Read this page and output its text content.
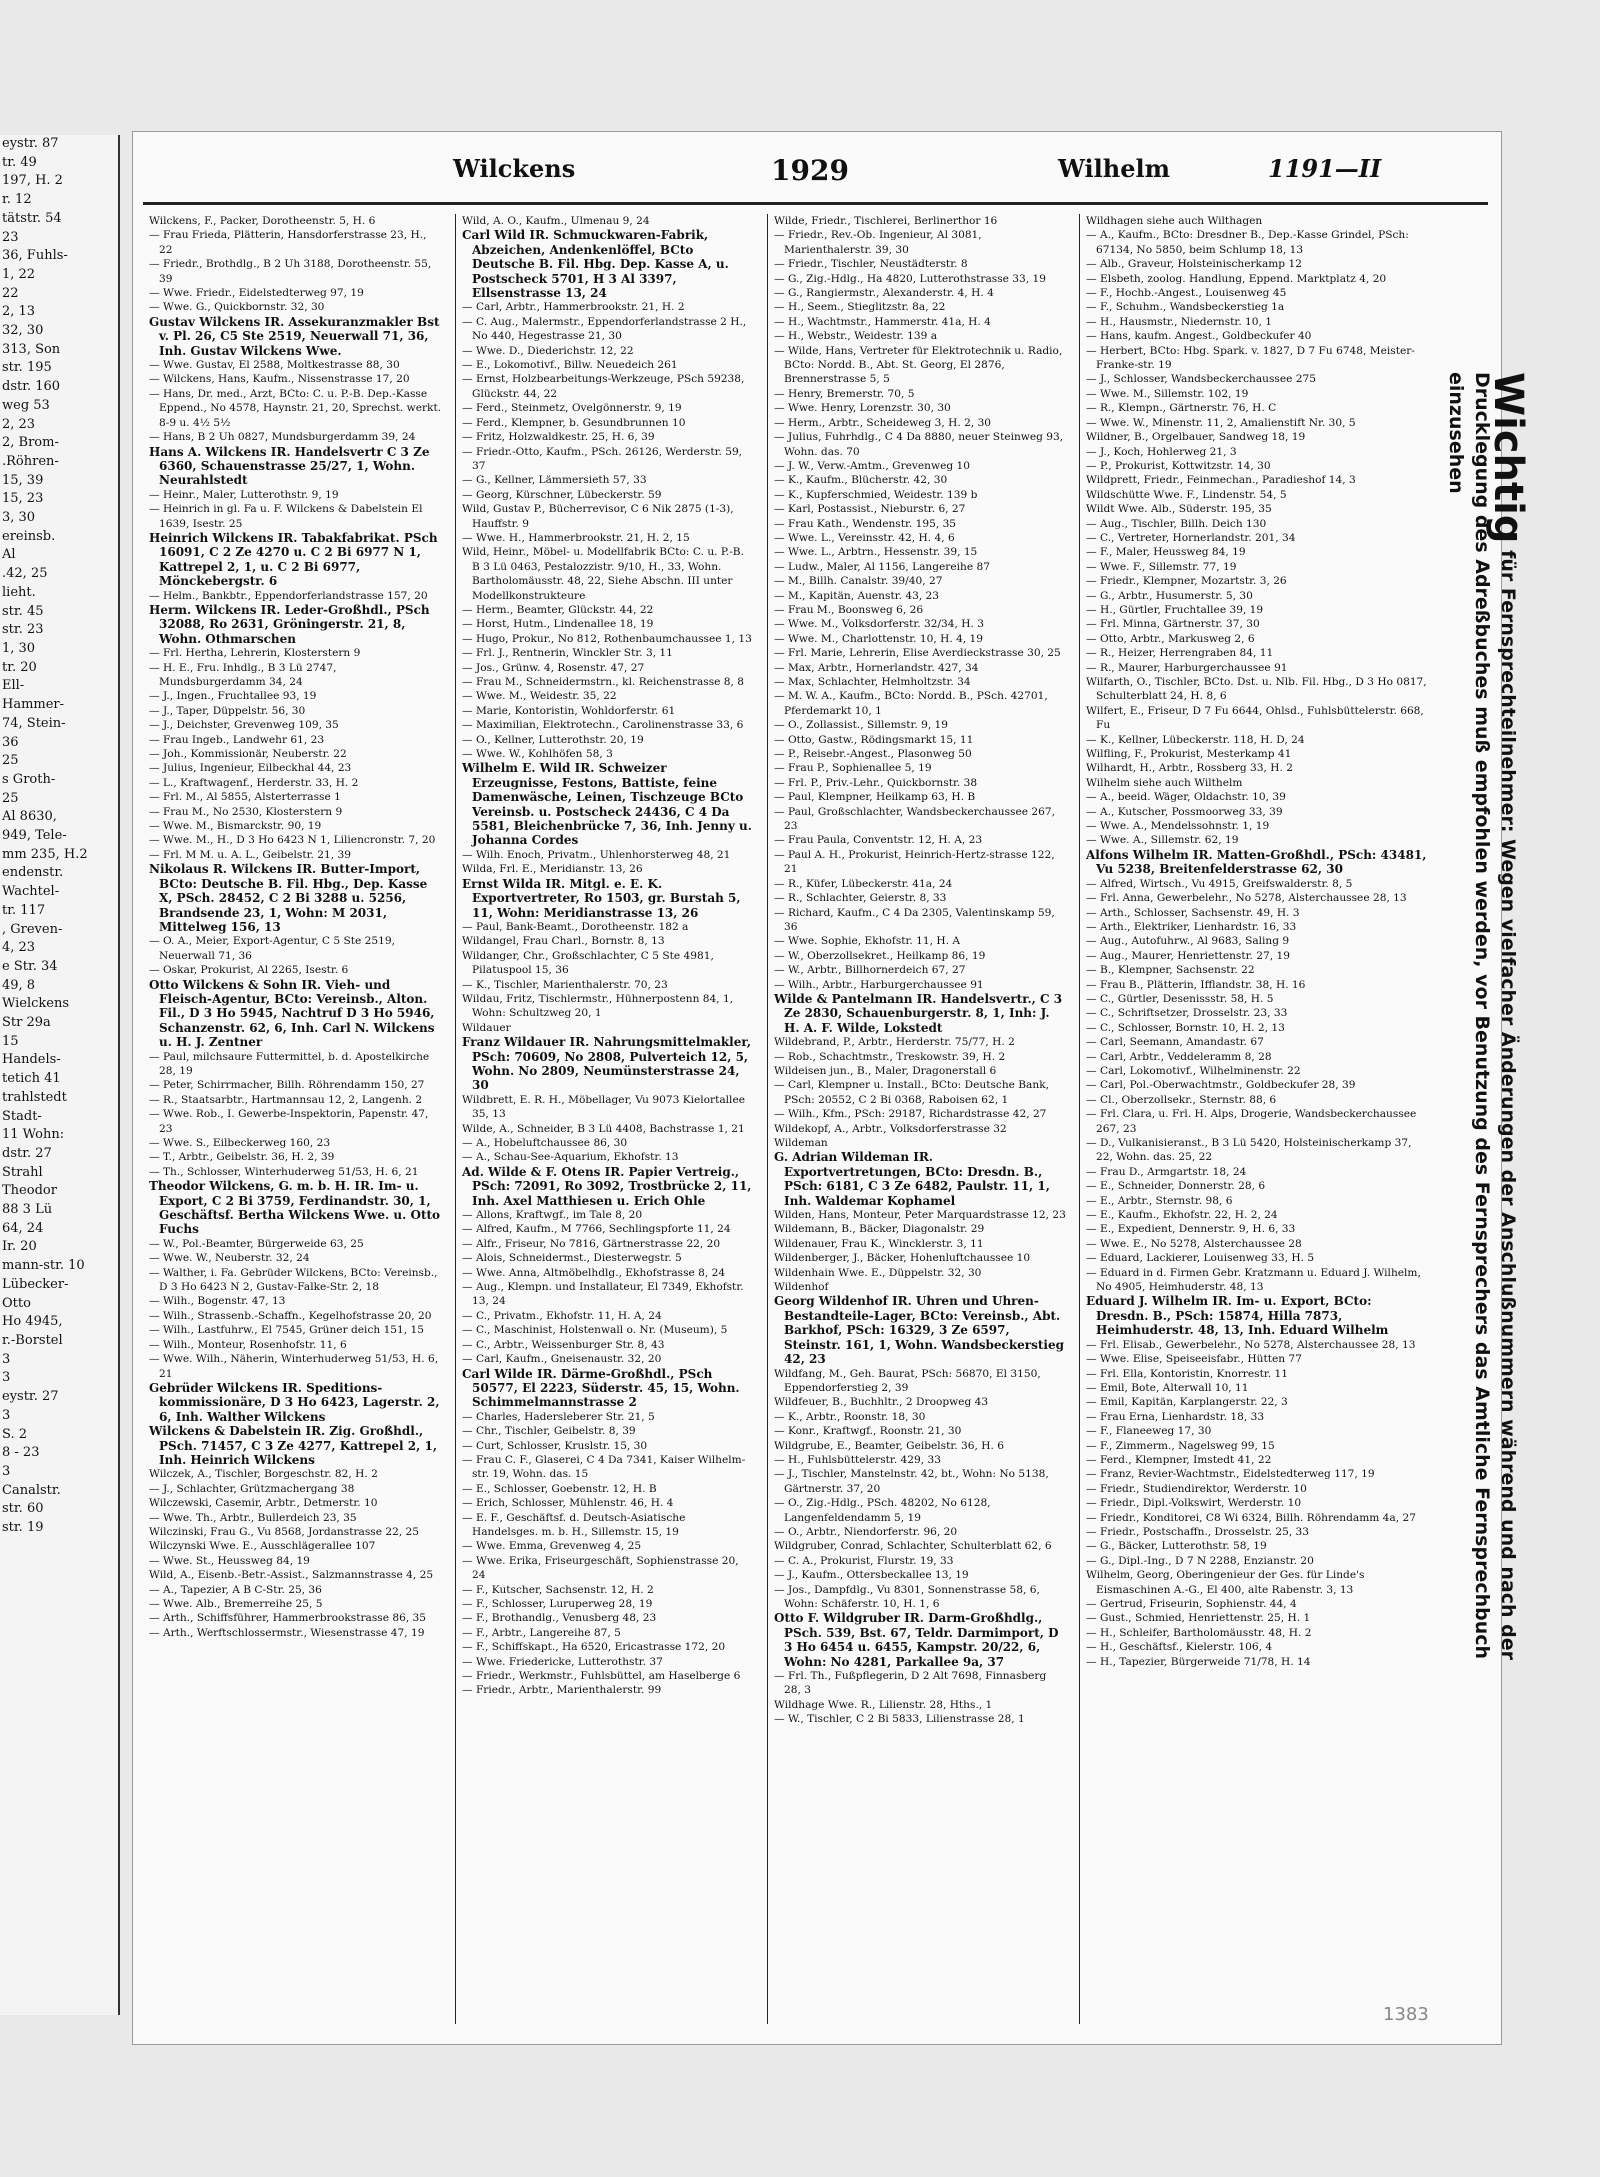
eystr. 87
tr. 49
197, H. 2
r. 12
tätstr. 54
23
36, Fuhls-
1, 22
22
2, 13
32, 30
313, Son
str. 195
dstr. 160
weg 53
2, 23
2, Brom-
.Röhren-
15, 39
15, 23
3, 30
ereinsb.
Al
.42, 25
lieht.
str. 45
str. 23
1, 30
tr. 20
Ell-
Hammer-
74, Stein-
36
25
s Groth-
25
Al 8630,
949, Tele-
mm 235, H.2
endenstr.
Wachtel-
tr. 117
, Greven-
4, 23
e Str. 34
49, 8
Wielckens
Str 29a
15
Handels-
tetich 41
trahlstedt
Stadt-
11 Wohn:
dstr. 27
Strahl
Theodor
88 3 Lü
64, 24
Ir. 20
mann-str. 10
Lübecker-
Otto
Ho 4945,
r.-Borstel
3
3
eystr. 27
3
S. 2
8 - 23
3
Canalstr.
str. 60
str. 19
Wilckens	1929	Wilhelm	1191—II
Wilckens, F., Packer, Dorotheenstr. 5, H. 6
— Frau Frieda, Plätterin, Hansdorferstrasse 23, H., 22
— Friedr., Brothdlg., B 2 Uh 3188, Dorotheenstr. 55, 39
— Wwe. Friedr., Eidelstedterweg 97, 19
— Wwe. G., Quickbornstr. 32, 30
Gustav Wilckens IR. Assekuranzmakler Bst v. Pl. 26, C5 Ste 2519, Neuerwall 71, 36, Inh. Gustav Wilckens Wwe.
— Wwe. Gustav, El 2588, Moltkestrasse 88, 30
— Wilckens, Hans, Kaufm., Nissenstrasse 17, 20
— Hans, Dr. med., Arzt, BCto: C. u. P.-B. Dep.-Kasse Eppend., No 4578, Haynstr. 21, 20, Sprechst. werkt. 8-9 u. 4½ 5½
— Hans, B 2 Uh 0827, Mundsburgerdamm 39, 24
Hans A. Wilckens IR. Handelsvertr C 3 Ze 6360, Schauenstrasse 25/27, 1, Wohn. Neurahlstedt
— Heinr., Maler, Lutterothstr. 9, 19
— Heinrich in gl. Fa u. F. Wilckens & Dabelstein El 1639, Isestr. 25
Heinrich Wilckens IR. Tabakfabrikat. PSch 16091, C 2 Ze 4270 u. C 2 Bi 6977 N 1, Kattrepel 2, 1, u. C 2 Bi 6977, Mönckebergstr. 6
— Helm., Bankbtr., Eppendorferlandstrasse 157, 20
Herm. Wilckens IR. Leder-Großhdl., PSch 32088, Ro 2631, Gröningerstr. 21, 8, Wohn. Othmarschen
— Frl. Hertha, Lehrerin, Klosterstern 9
— H. E., Fru. Inhdlg., B 3 Lü 2747, Mundsburgerdamm 34, 24
— J., Ingen., Fruchtallee 93, 19
— J., Taper, Düppelstr. 56, 30
— J., Deichster, Grevenweg 109, 35
— Frau Ingeb., Landwehr 61, 23
— Joh., Kommissionär, Neuberstr. 22
— Julius, Ingenieur, Eilbeckhal 44, 23
— L., Kraftwagenf., Herderstr. 33, H. 2
— Frl. M., Al 5855, Alsterterrasse 1
— Frau M., No 2530, Klosterstern 9
— Wwe. M., Bismarckstr. 90, 19
— Wwe. M., H., D 3 Ho 6423 N 1, Liliencronstr. 7, 20
— Frl. M M. u. A. L., Geibelstr. 21, 39
Nikolaus R. Wilckens IR. Butter-Import, BCto: Deutsche B. Fil. Hbg., Dep. Kasse X, PSch. 28452, C 2 Bi 3288 u. 5256, Brandsende 23, 1, Wohn: M 2031, Mittelweg 156, 13
— O. A., Meier, Export-Agentur, C 5 Ste 2519, Neuerwall 71, 36
— Oskar, Prokurist, Al 2265, Isestr. 6
Otto Wilckens & Sohn IR. Vieh- und Fleisch-Agentur, BCto: Vereinsb., Alton. Fil., D 3 Ho 5945, Nachtruf D 3 Ho 5946, Schanzenstr. 62, 6, Inh. Carl N. Wilckens u. H. J. Zentner
— Paul, milchsaure Futtermittel, b. d. Apostelkirche 28, 19
— Peter, Schirrmacher, Billh. Röhrendamm 150, 27
— R., Staatsarbtr., Hartmannsau 12, 2, Langenh. 2
— Wwe. Rob., I. Gewerbe-Inspektorin, Papenstr. 47, 23
— Wwe. S., Eilbeckerweg 160, 23
— T., Arbtr., Geibelstr. 36, H. 2, 39
— Th., Schlosser, Winterhuderweg 51/53, H. 6, 21
Theodor Wilckens, G. m. b. H. IR. Im- u. Export, C 2 Bi 3759, Ferdinandstr. 30, 1, Geschäftsf. Bertha Wilckens Wwe. u. Otto Fuchs
— W., Pol.-Beamter, Bürgerweide 63, 25
— Wwe. W., Neuberstr. 32, 24
— Walther, i. Fa. Gebrüder Wilckens, BCto: Vereinsb., D 3 Ho 6423 N 2, Gustav-Falke-Str. 2, 18
— Wilh., Bogenstr. 47, 13
— Wilh., Strassenb.-Schaffn., Kegelhofstrasse 20, 20
— Wilh., Lastfuhrw., El 7545, Grüner deich 151, 15
— Wilh., Monteur, Rosenhofstr. 11, 6
— Wwe. Wilh., Näherin, Winterhuderweg 51/53, H. 6, 21
Gebrüder Wilckens IR. Speditions-kommissionäre, D 3 Ho 6423, Lagerstr. 2, 6, Inh. Walther Wilckens
Wilckens & Dabelstein IR. Zig. Großhdl., PSch. 71457, C 3 Ze 4277, Kattrepel 2, 1, Inh. Heinrich Wilckens
Wilczek, A., Tischler, Borgeschstr. 82, H. 2
— J., Schlachter, Grützmachergang 38
Wilczewski, Casemir, Arbtr., Detmerstr. 10
— Wwe. Th., Arbtr., Bullerdeich 23, 35
Wilczinski, Frau G., Vu 8568, Jordanstrasse 22, 25
Wilczynski Wwe. E., Ausschlägerallee 107
— Wwe. St., Heussweg 84, 19
Wild, A., Eisenb.-Betr.-Assist., Salzmannstrasse 4, 25
— A., Tapezier, A B C-Str. 25, 36
— Wwe. Alb., Bremerreihe 25, 5
— Arth., Schiffsführer, Hammerbrookstrasse 86, 35
— Arth., Werftschlossermstr., Wiesenstrasse 47, 19
Wild, A. O., Kaufm., Ulmenau 9, 24
Carl Wild IR. Schmuckwaren-Fabrik, Abzeichen, Andenkenlöffel, BCto Deutsche B. Fil. Hbg. Dep. Kasse A, u. Postscheck 5701, H 3 Al 3397, Ellsenstrasse 13, 24
— Carl, Arbtr., Hammerbrookstr. 21, H. 2
— C. Aug., Malermstr., Eppendorferlandstrasse 2 H., No 440, Hegestrasse 21, 30
— Wwe. D., Diederichstr. 12, 22
— E., Lokomotivf., Billw. Neuedeich 261
— Ernst, Holzbearbeitungs-Werkzeuge, PSch 59238, Glückstr. 44, 22
— Ferd., Steinmetz, Ovelgönnerstr. 9, 19
— Ferd., Klempner, b. Gesundbrunnen 10
— Fritz, Holzwaldkestr. 25, H. 6, 39
— Friedr.-Otto, Kaufm., PSch. 26126, Werderstr. 59, 37
— G., Kellner, Lämmersieth 57, 33
— Georg, Kürschner, Lübeckerstr. 59
Wild, Gustav P., Bücherrevisor, C 6 Nik 2875 (1-3), Hauffstr. 9
— Wwe. H., Hammerbrookstr. 21, H. 2, 15
Wild, Heinr., Möbel- u. Modellfabrik BCto: C. u. P.-B. B 3 Lü 0463, Pestalozzistr. 9/10, H., 33, Wohn. Bartholomäusstr. 48, 22, Siehe Abschn. III unter Modellkonstrukteure
— Herm., Beamter, Glückstr. 44, 22
— Horst, Hutm., Lindenallee 18, 19
— Hugo, Prokur., No 812, Rothenbaumchaussee 1, 13
— Frl. J., Rentnerin, Winckler Str. 3, 11
— Jos., Grünw. 4, Rosenstr. 47, 27
— Frau M., Schneidermstrn., kl. Reichenstrasse 8, 8
— Wwe. M., Weidestr. 35, 22
— Marie, Kontoristin, Wohldorferstr. 61
— Maximilian, Elektrotechn., Carolinenstrasse 33, 6
— O., Kellner, Lutterothstr. 20, 19
— Wwe. W., Kohlhöfen 58, 3
Wilhelm E. Wild IR. Schweizer Erzeugnisse, Festons, Battiste, feine Damenwäsche, Leinen, Tischzeuge BCto Vereinsb. u. Postscheck 24436, C 4 Da 5581, Bleichenbrücke 7, 36, Inh. Jenny u. Johanna Cordes
— Wilh. Enoch, Privatm., Uhlenhorsterweg 48, 21
Wilda, Frl. E., Meridianstr. 13, 26
Ernst Wilda IR. Mitgl. e. E. K. Exportvertreter, Ro 1503, gr. Burstah 5, 11, Wohn: Meridianstrasse 13, 26
— Paul, Bank-Beamt., Dorotheenstr. 182 a
Wildangel, Frau Charl., Bornstr. 8, 13
Wildanger, Chr., Großschlachter, C 5 Ste 4981, Pilatuspool 15, 36
— K., Tischler, Marienthalerstr. 70, 23
Wildau, Fritz, Tischlermstr., Hühnerpostenn 84, 1, Wohn: Schultzweg 20, 1
Wildauer
Franz Wildauer IR. Nahrungsmittelmakler, PSch: 70609, No 2808, Pulverteich 12, 5, Wohn. No 2809, Neumünsterstrasse 24, 30
Wildbrett, E. R. H., Möbellager, Vu 9073 Kielortallee 35, 13
Wilde, A., Schneider, B 3 Lü 4408, Bachstrasse 1, 21
— A., Hobeluftchaussee 86, 30
— A., Schau-See-Aquarium, Ekhofstr. 13
Ad. Wilde & F. Otens IR. Papier Vertreig., PSch: 72091, Ro 3092, Trostbrücke 2, 11, Inh. Axel Matthiesen u. Erich Ohle
— Allons, Kraftwgf., im Tale 8, 20
— Alfred, Kaufm., M 7766, Sechlingspforte 11, 24
— Alfr., Friseur, No 7816, Gärtnerstrasse 22, 20
— Alois, Schneidermst., Diesterwegstr. 5
— Wwe. Anna, Altmöbelhdlg., Ekhofstrasse 8, 24
— Aug., Klempn. und Installateur, El 7349, Ekhofstr. 13, 24
— C., Privatm., Ekhofstr. 11, H. A, 24
— C., Maschinist, Holstenwall o. Nr. (Museum), 5
— C., Arbtr., Weissenburger Str. 8, 43
— Carl, Kaufm., Gneisenaustr. 32, 20
Carl Wilde IR. Därme-Großhdl., PSch 50577, El 2223, Süderstr. 45, 15, Wohn. Schimmelmannstrasse 2
— Charles, Hadersleberer Str. 21, 5
— Chr., Tischler, Geibelstr. 8, 39
— Curt, Schlosser, Kruslstr. 15, 30
— Frau C. F., Glaserei, C 4 Da 7341, Kaiser Wilhelm-str. 19, Wohn. das. 15
— E., Schlosser, Goebenstr. 12, H. B
— Erich, Schlosser, Mühlenstr. 46, H. 4
— E. F., Geschäftsf. d. Deutsch-Asiatische Handelsges. m. b. H., Sillemstr. 15, 19
— Wwe. Emma, Grevenweg 4, 25
— Wwe. Erika, Friseurgeschäft, Sophienstrasse 20, 24
— F., Kutscher, Sachsenstr. 12, H. 2
— F., Schlosser, Luruperweg 28, 19
— F., Brothandlg., Venusberg 48, 23
— F., Arbtr., Langereihe 87, 5
— F., Schiffskapt., Ha 6520, Ericastrasse 172, 20
— Wwe. Friedericke, Lutterothstr. 37
— Friedr., Werkmstr., Fuhlsbüttel, am Haselberge 6
— Friedr., Arbtr., Marienthalerstr. 99
Wilde, Friedr., Tischlerei, Berlinerthor 16
— Friedr., Rev.-Ob. Ingenieur, Al 3081, Marienthalerstr. 39, 30
— Friedr., Tischler, Neustädterstr. 8
— G., Zig.-Hdlg., Ha 4820, Lutterothstrasse 33, 19
— G., Rangiermstr., Alexanderstr. 4, H. 4
— H., Seem., Stieglitzstr. 8a, 22
— H., Wachtmstr., Hammerstr. 41a, H. 4
— H., Webstr., Weidestr. 139 a
— Wilde, Hans, Vertreter für Elektrotechnik u. Radio, BCto: Nordd. B., Abt. St. Georg, El 2876, Brennerstrasse 5, 5
— Henry, Bremerstr. 70, 5
— Wwe. Henry, Lorenzstr. 30, 30
— Herm., Arbtr., Scheideweg 3, H. 2, 30
— Julius, Fuhrhdlg., C 4 Da 8880, neuer Steinweg 93, Wohn. das. 70
— J. W., Verw.-Amtm., Grevenweg 10
— K., Kaufm., Blücherstr. 42, 30
— K., Kupferschmied, Weidestr. 139 b
— Karl, Postassist., Nieburstr. 6, 27
— Frau Kath., Wendenstr. 195, 35
— Wwe. L., Vereinsstr. 42, H. 4, 6
— Wwe. L., Arbtrn., Hessenstr. 39, 15
— Ludw., Maler, Al 1156, Langereihe 87
— M., Billh. Canalstr. 39/40, 27
— M., Kapitän, Auenstr. 43, 23
— Frau M., Boonsweg 6, 26
— Wwe. M., Volksdorferstr. 32/34, H. 3
— Wwe. M., Charlottenstr. 10, H. 4, 19
— Frl. Marie, Lehrerin, Elise Averdieckstrasse 30, 25
— Max, Arbtr., Hornerlandstr. 427, 34
— Max, Schlachter, Helmholtzstr. 34
— M. W. A., Kaufm., BCto: Nordd. B., PSch. 42701, Pferdemarkt 10, 1
— O., Zollassist., Sillemstr. 9, 19
— Otto, Gastw., Rödingsmarkt 15, 11
— P., Reisebr.-Angest., Plasonweg 50
— Frau P., Sophienallee 5, 19
— Frl. P., Priv.-Lehr., Quickbornstr. 38
— Paul, Klempner, Heilkamp 63, H. B
— Paul, Großschlachter, Wandsbeckerchaussee 267, 23
— Frau Paula, Conventstr. 12, H. A, 23
— Paul A. H., Prokurist, Heinrich-Hertz-strasse 122, 21
— R., Küfer, Lübeckerstr. 41a, 24
— R., Schlachter, Geierstr. 8, 33
— Richard, Kaufm., C 4 Da 2305, Valentinskamp 59, 36
— Wwe. Sophie, Ekhofstr. 11, H. A
— W., Oberzollsekret., Heilkamp 86, 19
— W., Arbtr., Billhornerdeich 67, 27
— Wilh., Arbtr., Harburgerchaussee 91
Wilde & Pantelmann IR. Handelsvertr., C 3 Ze 2830, Schauenburgerstr. 8, 1, Inh: J. H. A. F. Wilde, Lokstedt
Wildebrand, P., Arbtr., Herderstr. 75/77, H. 2
— Rob., Schachtmstr., Treskowstr. 39, H. 2
Wildeisen jun., B., Maler, Dragonerstall 6
— Carl, Klempner u. Install., BCto: Deutsche Bank, PSch: 20552, C 2 Bi 0368, Raboisen 62, 1
— Wilh., Kfm., PSch: 29187, Richardstrasse 42, 27
Wildekopf, A., Arbtr., Volksdorferstrasse 32
Wildeman
G. Adrian Wildeman IR. Exportvertretungen, BCto: Dresdn. B., PSch: 6181, C 3 Ze 6482, Paulstr. 11, 1, Inh. Waldemar Kophamel
Wilden, Hans, Monteur, Peter Marquardstrasse 12, 23
Wildemann, B., Bäcker, Diagonalstr. 29
Wildenauer, Frau K., Wincklerstr. 3, 11
Wildenberger, J., Bäcker, Hohenluftchaussee 10
Wildenhain Wwe. E., Düppelstr. 32, 30
Wildenhof
Georg Wildenhof IR. Uhren und Uhren-Bestandteile-Lager, BCto: Vereinsb., Abt. Barkhof, PSch: 16329, 3 Ze 6597, Steinstr. 161, 1, Wohn. Wandsbeckerstieg 42, 23
Wildfang, M., Geh. Baurat, PSch: 56870, El 3150, Eppendorferstieg 2, 39
Wildfeuer, B., Buchhltr., 2 Droopweg 43
— K., Arbtr., Roonstr. 18, 30
— Konr., Kraftwgf., Roonstr. 21, 30
Wildgrube, E., Beamter, Geibelstr. 36, H. 6
— H., Fuhlsbüttelerstr. 429, 33
— J., Tischler, Manstelnstr. 42, bt., Wohn: No 5138, Gärtnerstr. 37, 20
— O., Zig.-Hdlg., PSch. 48202, No 6128, Langenfeldendamm 5, 19
— O., Arbtr., Niendorferstr. 96, 20
Wildgruber, Conrad, Schlachter, Schulterblatt 62, 6
— C. A., Prokurist, Flurstr. 19, 33
— J., Kaufm., Ottersbeckallee 13, 19
— Jos., Dampfdlg., Vu 8301, Sonnenstrasse 58, 6, Wohn: Schäferstr. 10, H. 1, 6
Otto F. Wildgruber IR. Darm-Großhdlg., PSch. 539, Bst. 67, Teldr. Darmimport, D 3 Ho 6454 u. 6455, Kampstr. 20/22, 6, Wohn: No 4281, Parkallee 9a, 37
— Frl. Th., Fußpflegerin, D 2 Alt 7698, Finnasberg 28, 3
Wildhage Wwe. R., Lilienstr. 28, Hths., 1
— W., Tischler, C 2 Bi 5833, Lilienstrasse 28, 1
Wildhagen siehe auch Wilthagen
— A., Kaufm., BCto: Dresdner B., Dep.-Kasse Grindel, PSch: 67134, No 5850, beim Schlump 18, 13
— Alb., Graveur, Holsteinischerkamp 12
— Elsbeth, zoolog. Handlung, Eppend. Marktplatz 4, 20
— F., Hochb.-Angest., Louisenweg 45
— F., Schuhm., Wandsbeckerstieg 1a
— H., Hausmstr., Niedernstr. 10, 1
— Hans, kaufm. Angest., Goldbeckufer 40
— Herbert, BCto: Hbg. Spark. v. 1827, D 7 Fu 6748, Meister-Franke-str. 19
— J., Schlosser, Wandsbeckerchaussee 275
— Wwe. M., Sillemstr. 102, 19
— R., Klempn., Gärtnerstr. 76, H. C
— Wwe. W., Minenstr. 11, 2, Amalienstift Nr. 30, 5
Wildner, B., Orgelbauer, Sandweg 18, 19
— J., Koch, Hohlerweg 21, 3
— P., Prokurist, Kottwitzstr. 14, 30
Wildprett, Friedr., Feinmechan., Paradieshof 14, 3
Wildschütte Wwe. F., Lindenstr. 54, 5
Wildt Wwe. Alb., Süderstr. 195, 35
— Aug., Tischler, Billh. Deich 130
— C., Vertreter, Hornerlandstr. 201, 34
— F., Maler, Heussweg 84, 19
— Wwe. F., Sillemstr. 77, 19
— Friedr., Klempner, Mozartstr. 3, 26
— G., Arbtr., Husumerstr. 5, 30
— H., Gürtler, Fruchtallee 39, 19
— Frl. Minna, Gärtnerstr. 37, 30
— Otto, Arbtr., Markusweg 2, 6
— R., Heizer, Herrengraben 84, 11
— R., Maurer, Harburgerchaussee 91
Wilfarth, O., Tischler, BCto. Dst. u. Nlb. Fil. Hbg., D 3 Ho 0817, Schulterblatt 24, H. 8, 6
Wilfert, E., Friseur, D 7 Fu 6644, Ohlsd., Fuhlsbüttelerstr. 668, Fu
— K., Kellner, Lübeckerstr. 118, H. D, 24
Wilfling, F., Prokurist, Mesterkamp 41
Wilhardt, H., Arbtr., Rossberg 33, H. 2
Wilhelm siehe auch Wilthelm
— A., beeid. Wäger, Oldachstr. 10, 39
— A., Kutscher, Possmoorweg 33, 39
— Wwe. A., Mendelssohnstr. 1, 19
— Wwe. A., Sillemstr. 62, 19
Alfons Wilhelm IR. Matten-Großhdl., PSch: 43481, Vu 5238, Breitenfelderstrasse 62, 30
— Alfred, Wirtsch., Vu 4915, Greifswalderstr. 8, 5
— Frl. Anna, Gewerbelehr., No 5278, Alsterchaussee 28, 13
— Arth., Schlosser, Sachsenstr. 49, H. 3
— Arth., Elektriker, Lienhardstr. 16, 33
— Aug., Autofuhrw., Al 9683, Saling 9
— Aug., Maurer, Henriettenstr. 27, 19
— B., Klempner, Sachsenstr. 22
— Frau B., Plätterin, Ifflandstr. 38, H. 16
— C., Gürtler, Desenissstr. 58, H. 5
— C., Schriftsetzer, Drosselstr. 23, 33
— C., Schlosser, Bornstr. 10, H. 2, 13
— Carl, Seemann, Amandastr. 67
— Carl, Arbtr., Veddeleramm 8, 28
— Carl, Lokomotivf., Wilhelminenstr. 22
— Carl, Pol.-Oberwachtmstr., Goldbeckufer 28, 39
— Cl., Oberzollsekr., Sternstr. 88, 6
— Frl. Clara, u. Frl. H. Alps, Drogerie, Wandsbeckerchaussee 267, 23
— D., Vulkanisieranst., B 3 Lü 5420, Holsteinischerkamp 37, 22, Wohn. das. 25, 22
— Frau D., Armgartstr. 18, 24
— E., Schneider, Donnerstr. 28, 6
— E., Arbtr., Sternstr. 98, 6
— E., Kaufm., Ekhofstr. 22, H. 2, 24
— E., Expedient, Dennerstr. 9, H. 6, 33
— Wwe. E., No 5278, Alsterchaussee 28
— Eduard, Lackierer, Louisenweg 33, H. 5
— Eduard in d. Firmen Gebr. Kratzmann u. Eduard J. Wilhelm, No 4905, Heimhuderstr. 48, 13
Eduard J. Wilhelm IR. Im- u. Export, BCto: Dresdn. B., PSch: 15874, Hilla 7873, Heimhuderstr. 48, 13, Inh. Eduard Wilhelm
— Frl. Elisab., Gewerbelehr., No 5278, Alsterchaussee 28, 13
— Wwe. Elise, Speiseeisfabr., Hütten 77
— Frl. Ella, Kontoristin, Knorrestr. 11
— Emil, Bote, Alterwall 10, 11
— Emil, Kapitän, Karplangerstr. 22, 3
— Frau Erna, Lienhardstr. 18, 33
— F., Flaneeweg 17, 30
— F., Zimmerm., Nagelsweg 99, 15
— Ferd., Klempner, Imstedt 41, 22
— Franz, Revier-Wachtmstr., Eidelstedterweg 117, 19
— Friedr., Studiendirektor, Werderstr. 10
— Friedr., Dipl.-Volkswirt, Werderstr. 10
— Friedr., Konditorei, C8 Wi 6324, Billh. Röhrendamm 4a, 27
— Friedr., Postschaffn., Drosselstr. 25, 33
— G., Bäcker, Lutterothstr. 58, 19
— G., Dipl.-Ing., D 7 N 2288, Enzianstr. 20
Wilhelm, Georg, Oberingenieur der Ges. für Linde's Eismaschinen A.-G., El 400, alte Rabenstr. 3, 13
— Gertrud, Friseurin, Sophienstr. 44, 4
— Gust., Schmied, Henriettenstr. 25, H. 1
— H., Schleifer, Bartholomäusstr. 48, H. 2
— H., Geschäftsf., Kielerstr. 106, 4
— H., Tapezier, Bürgerweide 71/78, H. 14
Wichtig für Fernsprechteilnehmer: Wegen vielfacher Änderungen der Anschlußnummern während und nach der Drucklegung des Adreßbuches muß empfohlen werden, vor Benutzung des Fernsprechers das Amtliche Fernsprechbuch einzusehen
1383
